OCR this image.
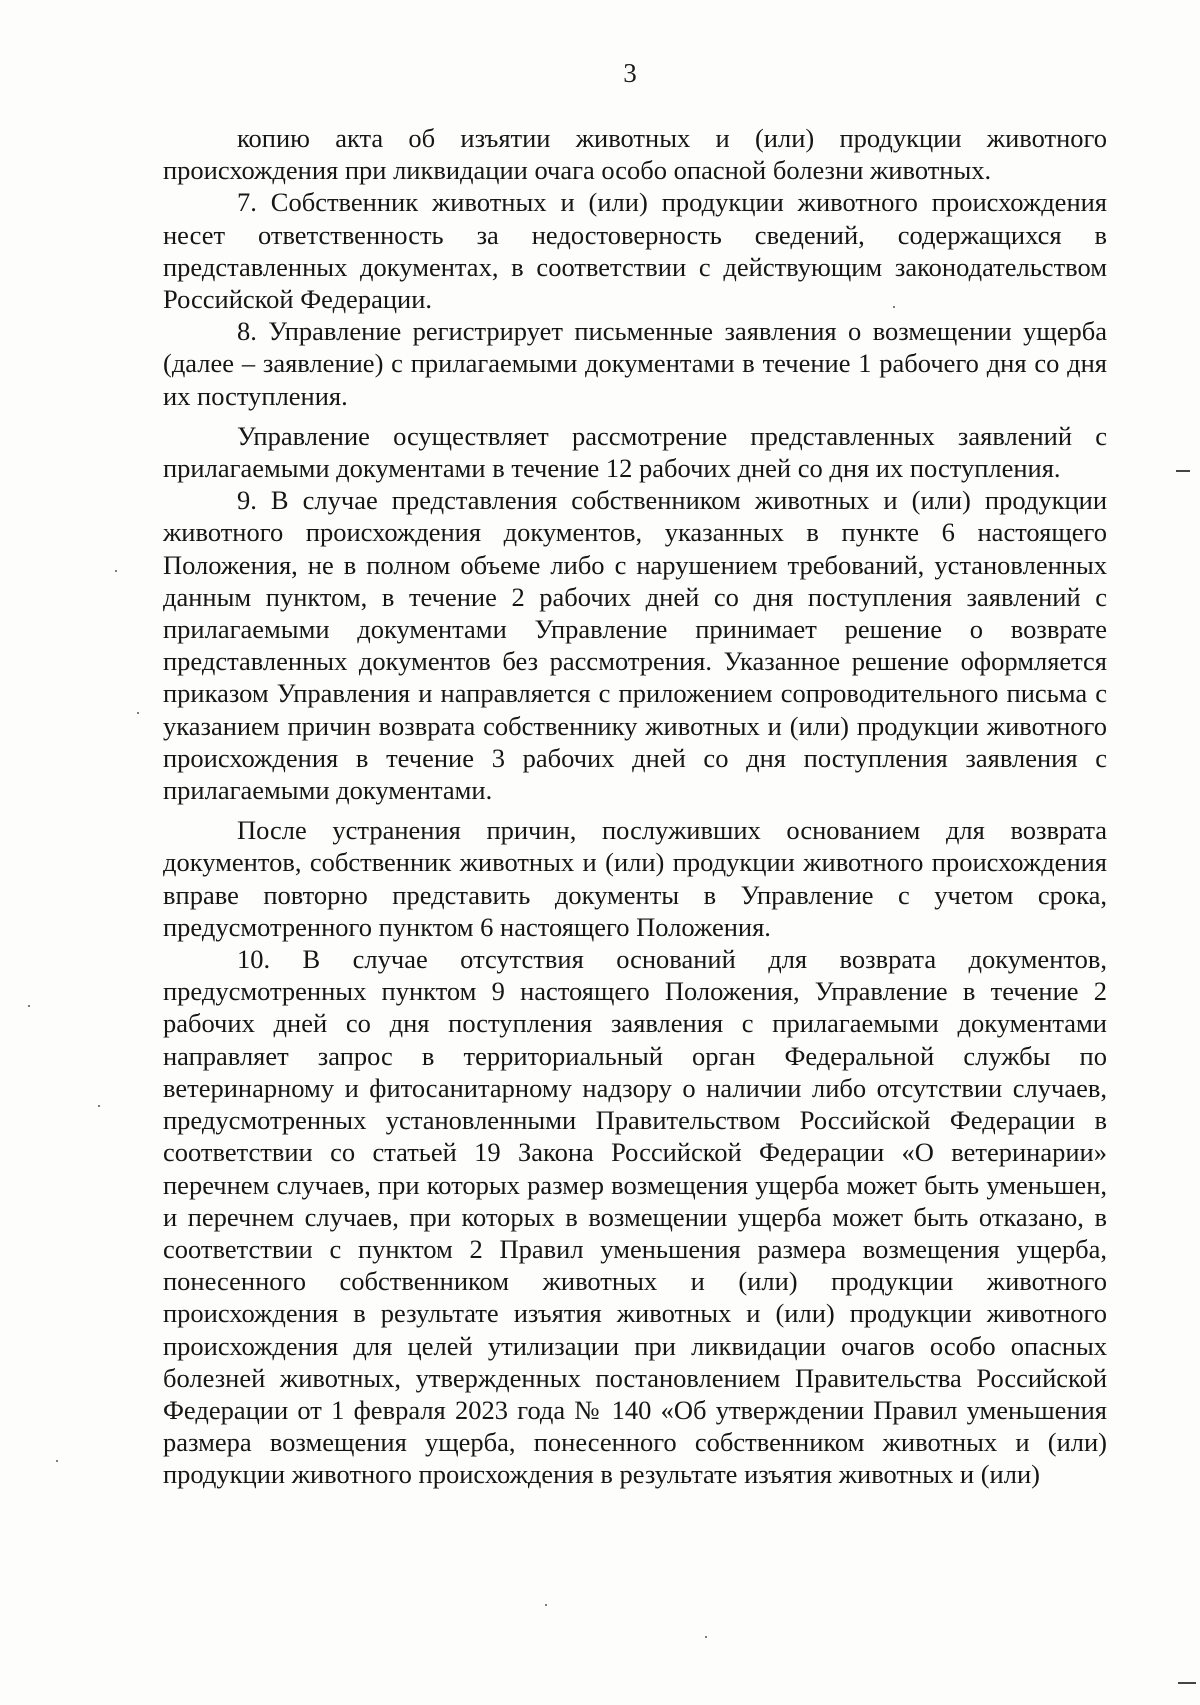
3

копию акта об изъятии животных и (или) продукции животного происхождения при ликвидации очага особо опасной болезни животных.

7. Собственник животных и (или) продукции животного происхождения несет ответственность за недостоверность сведений, содержащихся в представленных документах, в соответствии с действующим законодательством Российской Федерации.

8. Управление регистрирует письменные заявления о возмещении ущерба (далее – заявление) с прилагаемыми документами в течение 1 рабочего дня со дня их поступления.

Управление осуществляет рассмотрение представленных заявлений с прилагаемыми документами в течение 12 рабочих дней со дня их поступления.

9. В случае представления собственником животных и (или) продукции животного происхождения документов, указанных в пункте 6 настоящего Положения, не в полном объеме либо с нарушением требований, установленных данным пунктом, в течение 2 рабочих дней со дня поступления заявлений с прилагаемыми документами Управление принимает решение о возврате представленных документов без рассмотрения. Указанное решение оформляется приказом Управления и направляется с приложением сопроводительного письма с указанием причин возврата собственнику животных и (или) продукции животного происхождения в течение 3 рабочих дней со дня поступления заявления с прилагаемыми документами.

После устранения причин, послуживших основанием для возврата документов, собственник животных и (или) продукции животного происхождения вправе повторно представить документы в Управление с учетом срока, предусмотренного пунктом 6 настоящего Положения.

10. В случае отсутствия оснований для возврата документов, предусмотренных пунктом 9 настоящего Положения, Управление в течение 2 рабочих дней со дня поступления заявления с прилагаемыми документами направляет запрос в территориальный орган Федеральной службы по ветеринарному и фитосанитарному надзору о наличии либо отсутствии случаев, предусмотренных установленными Правительством Российской Федерации в соответствии со статьей 19 Закона Российской Федерации «О ветеринарии» перечнем случаев, при которых размер возмещения ущерба может быть уменьшен, и перечнем случаев, при которых в возмещении ущерба может быть отказано, в соответствии с пунктом 2 Правил уменьшения размера возмещения ущерба, понесенного собственником животных и (или) продукции животного происхождения в результате изъятия животных и (или) продукции животного происхождения для целей утилизации при ликвидации очагов особо опасных болезней животных, утвержденных постановлением Правительства Российской Федерации от 1 февраля 2023 года № 140 «Об утверждении Правил уменьшения размера возмещения ущерба, понесенного собственником животных и (или) продукции животного происхождения в результате изъятия животных и (или)
